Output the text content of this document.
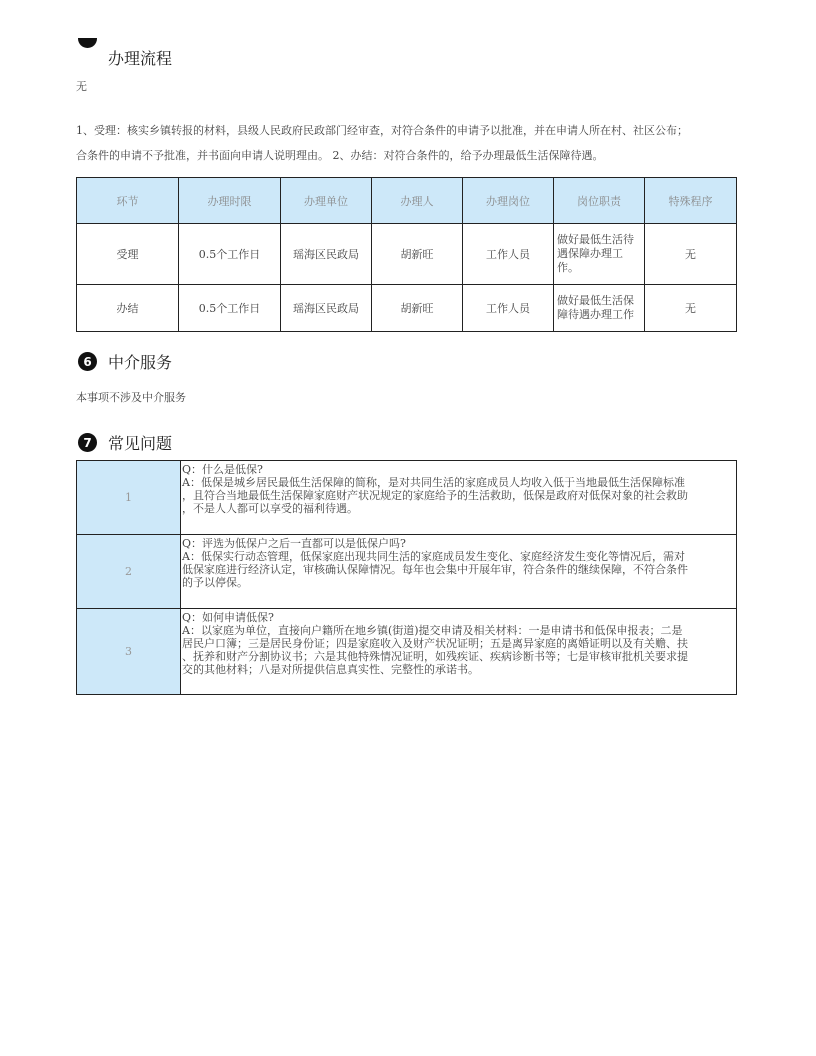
办理流程
无
1、受理：核实乡镇转报的材料，县级人民政府民政部门经审查，对符合条件的申请予以批准，并在申请人所在村、社区公布；
合条件的申请不予批准，并书面向申请人说明理由。 2、办结：对符合条件的，给予办理最低生活保障待遇。
环节	办理时限	办理单位	办理人	办理岗位	岗位职责	特殊程序
受理	0.5个工作日	瑶海区民政局	胡新旺	工作人员	做好最低生活待遇保障办理工作。	无
办结	0.5个工作日	瑶海区民政局	胡新旺	工作人员	做好最低生活保障待遇办理工作	无
6	中介服务
本事项不涉及中介服务
7	常见问题
1	Q：什么是低保?
A：低保是城乡居民最低生活保障的简称，是对共同生活的家庭成员人均收入低于当地最低生活保障标准
，且符合当地最低生活保障家庭财产状况规定的家庭给予的生活救助，低保是政府对低保对象的社会救助
，不是人人都可以享受的福利待遇。

2	Q：评选为低保户之后一直都可以是低保户吗?
A：低保实行动态管理，低保家庭出现共同生活的家庭成员发生变化、家庭经济发生变化等情况后，需对
低保家庭进行经济认定，审核确认保障情况。每年也会集中开展年审，符合条件的继续保障，不符合条件
的予以停保。

3	Q：如何申请低保?
A：以家庭为单位，直接向户籍所在地乡镇(街道)提交申请及相关材料：一是申请书和低保申报表；二是
居民户口簿；三是居民身份证；四是家庭收入及财产状况证明；五是离异家庭的离婚证明以及有关赡、扶
、抚养和财产分割协议书；六是其他特殊情况证明，如残疾证、疾病诊断书等；七是审核审批机关要求提
交的其他材料；八是对所提供信息真实性、完整性的承诺书。
